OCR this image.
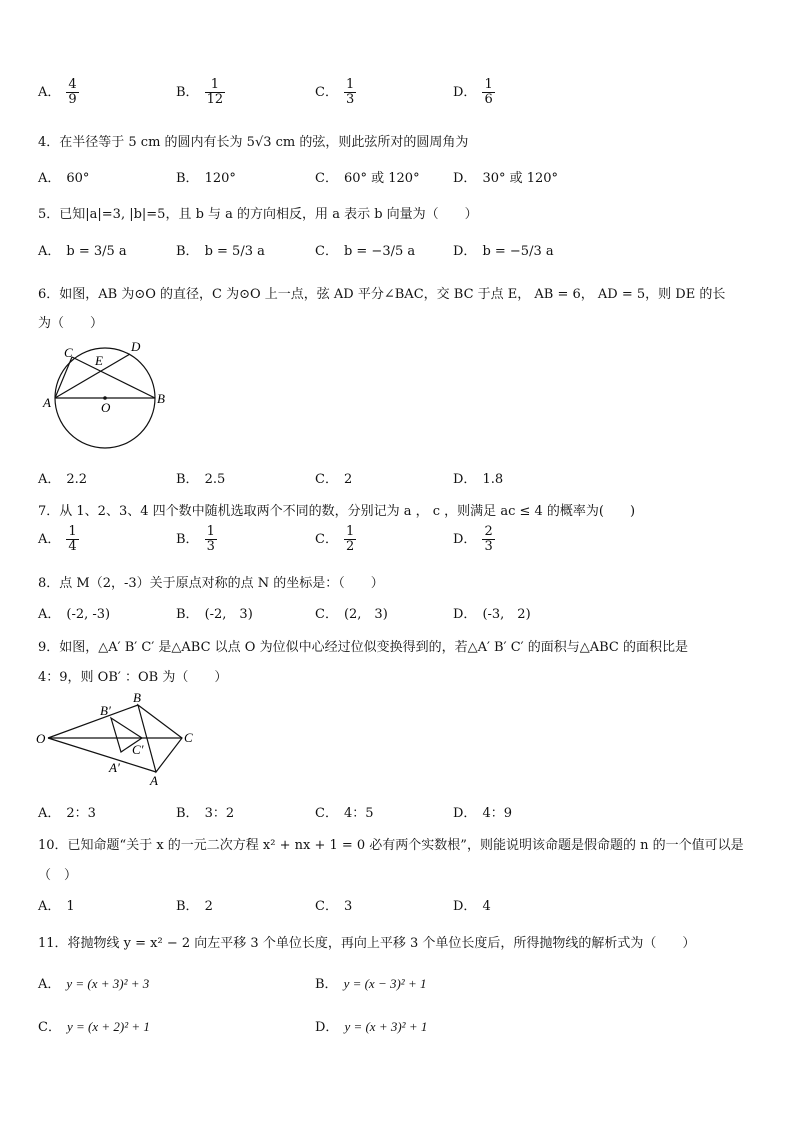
A． $\frac{4}{9}$	B． $\frac{1}{12}$	C． $\frac{1}{3}$	D． $\frac{1}{6}$
4．在半径等于 5 cm 的圆内有长为 5√3 cm 的弦，则此弦所对的圆周角为
A． 60°	B． 120°	C． 60° 或 120°	D． 30° 或 120°
5．已知|a|=3, |b|=5，且 b 与 a 的方向相反，用 a 表示 b 向量为（　　）
A． b = 3/5 a	B． b = 5/3 a	C． b = −3/5 a	D． b = −5/3 a
6．如图，AB 为⊙O 的直径，C 为⊙O 上一点，弦 AD 平分∠BAC，交 BC 于点 E， AB = 6， AD = 5，则 DE 的长
为（　　）
C
E
D
A	O
B
A． 2.2	B． 2.5	C． 2	D． 1.8
7．从 1、2、3、4 四个数中随机选取两个不同的数，分别记为 a ， c ，则满足 ac ≤ 4 的概率为(　　)
A． $\frac{1}{4}$	B． $\frac{1}{3}$	C． $\frac{1}{2}$	D． $\frac{2}{3}$
8．点 M（2，-3）关于原点对称的点 N 的坐标是：（　　）
A． (-2, -3)	B． (-2,　3)	C． (2,　3)	D． (-3,　2)
9．如图，△A′ B′ C′ 是△ABC 以点 O 为位似中心经过位似变换得到的，若△A′ B′ C′ 的面积与△ABC 的面积比是
4：9，则 OB′ ：OB 为（　　）
O
B
B′
C
C′
A′
A
A． 2：3	B． 3：2	C． 4：5	D． 4：9
10．已知命题“关于 x 的一元二次方程 x² + nx + 1 = 0 必有两个实数根”，则能说明该命题是假命题的 n 的一个值可以是
（　）
A． 1	B． 2	C． 3	D． 4
11．将抛物线 y = x² − 2 向左平移 3 个单位长度，再向上平移 3 个单位长度后，所得抛物线的解析式为（　　）
A． y = (x + 3)² + 3	B． y = (x − 3)² + 1
C． y = (x + 2)² + 1	D． y = (x + 3)² + 1
